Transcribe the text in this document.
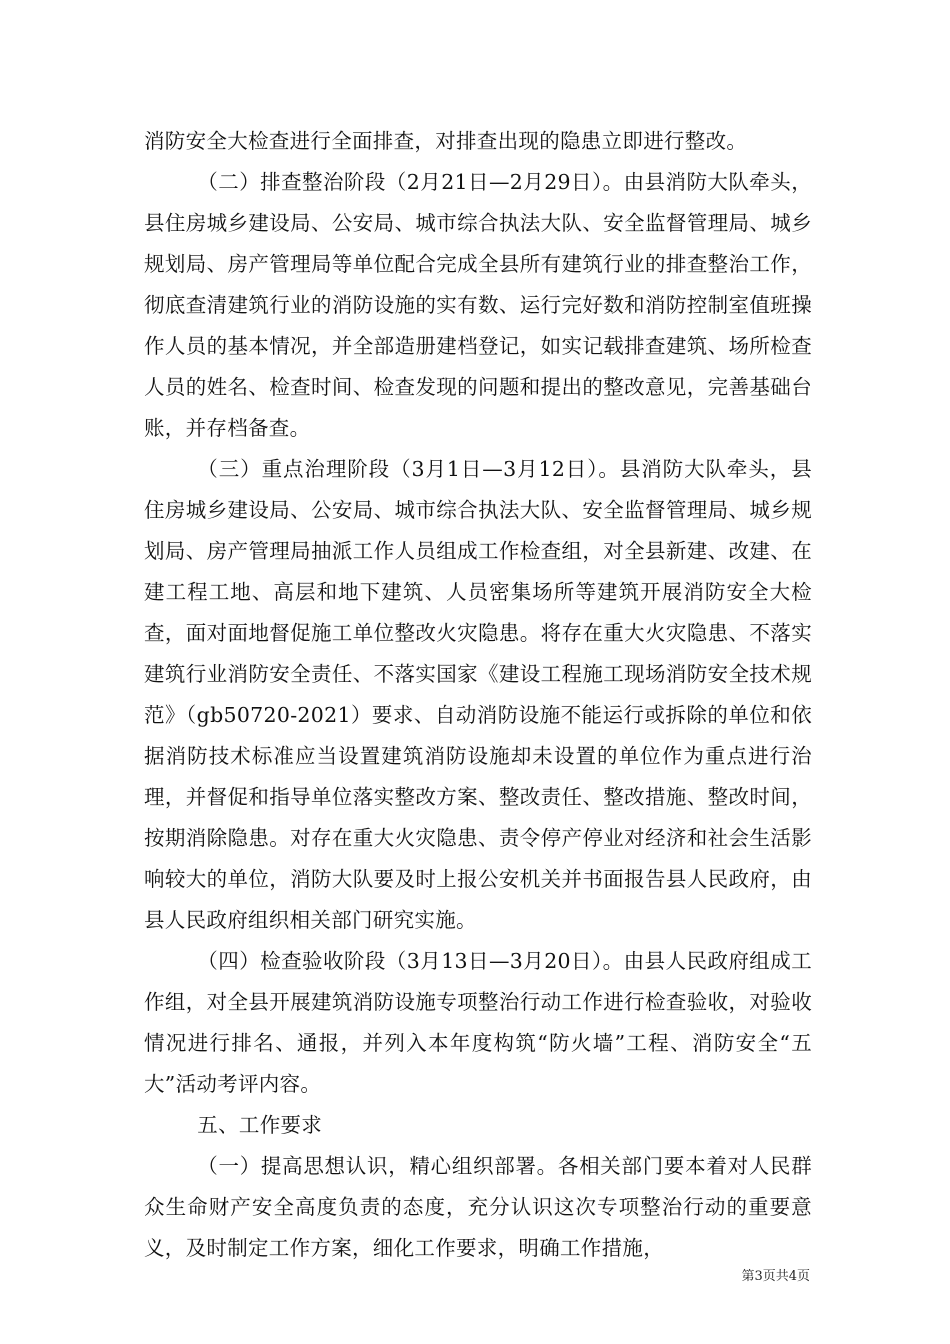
消防安全大检查进行全面排查，对排查出现的隐患立即进行整改。

（二）排查整治阶段（2月21日—2月29日）。由县消防大队牵头，县住房城乡建设局、公安局、城市综合执法大队、安全监督管理局、城乡规划局、房产管理局等单位配合完成全县所有建筑行业的排查整治工作，彻底查清建筑行业的消防设施的实有数、运行完好数和消防控制室值班操作人员的基本情况，并全部造册建档登记，如实记载排查建筑、场所检查人员的姓名、检查时间、检查发现的问题和提出的整改意见，完善基础台账，并存档备查。

（三）重点治理阶段（3月1日—3月12日）。县消防大队牵头，县住房城乡建设局、公安局、城市综合执法大队、安全监督管理局、城乡规划局、房产管理局抽派工作人员组成工作检查组，对全县新建、改建、在建工程工地、高层和地下建筑、人员密集场所等建筑开展消防安全大检查，面对面地督促施工单位整改火灾隐患。将存在重大火灾隐患、不落实建筑行业消防安全责任、不落实国家《建设工程施工现场消防安全技术规范》（gb50720-2021）要求、自动消防设施不能运行或拆除的单位和依据消防技术标准应当设置建筑消防设施却未设置的单位作为重点进行治理，并督促和指导单位落实整改方案、整改责任、整改措施、整改时间，按期消除隐患。对存在重大火灾隐患、责令停产停业对经济和社会生活影响较大的单位，消防大队要及时上报公安机关并书面报告县人民政府，由县人民政府组织相关部门研究实施。

（四）检查验收阶段（3月13日—3月20日）。由县人民政府组成工作组，对全县开展建筑消防设施专项整治行动工作进行检查验收，对验收情况进行排名、通报，并列入本年度构筑“防火墙”工程、消防安全“五大”活动考评内容。

五、工作要求

（一）提高思想认识，精心组织部署。各相关部门要本着对人民群众生命财产安全高度负责的态度，充分认识这次专项整治行动的重要意义，及时制定工作方案，细化工作要求，明确工作措施，

第3页共4页
